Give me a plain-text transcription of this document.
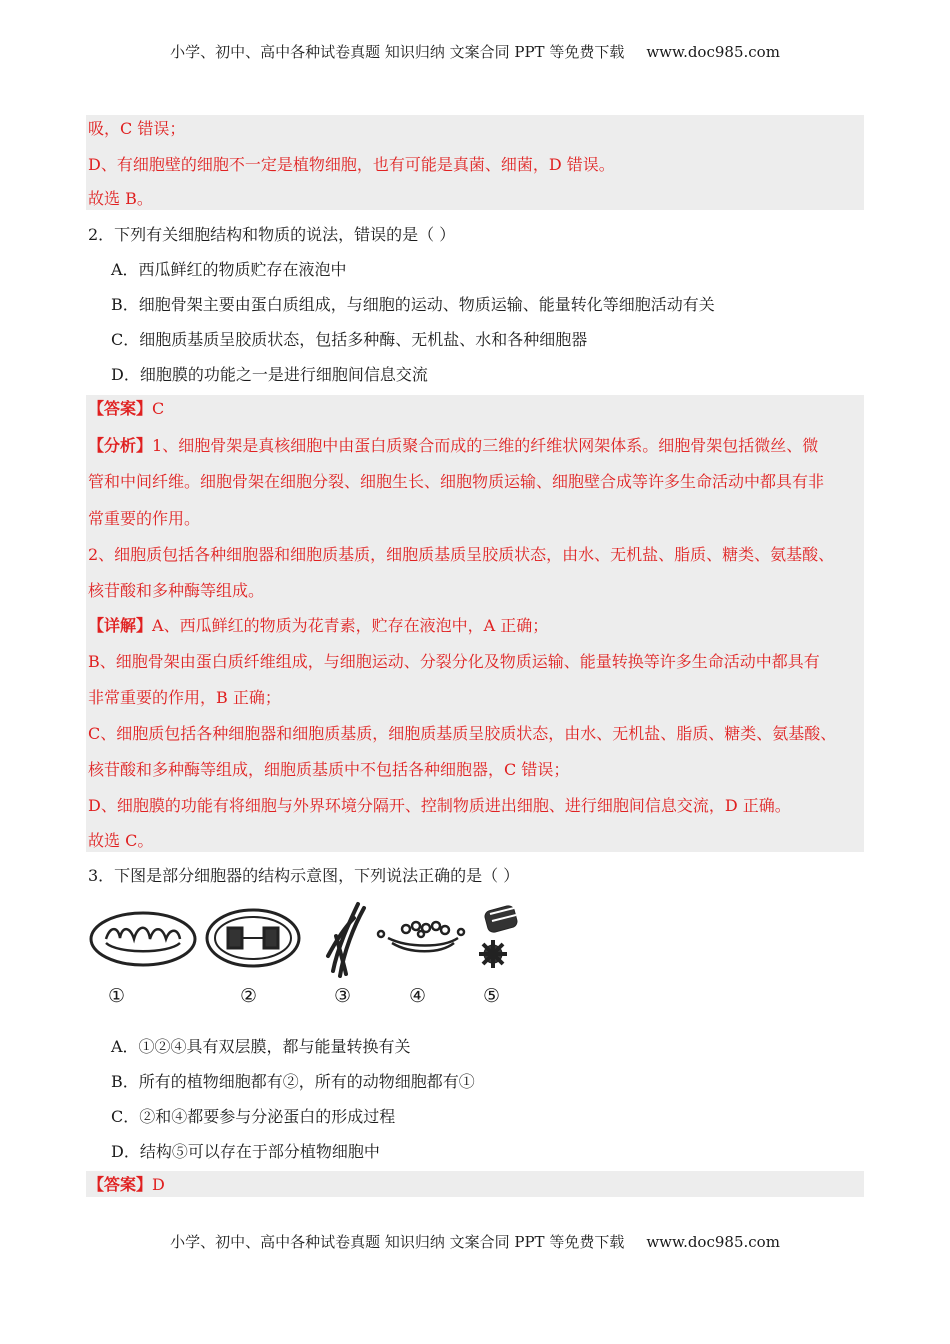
小学、初中、高中各种试卷真题 知识归纳 文案合同 PPT 等免费下载 www.doc985.com
吸，C 错误；
D、有细胞壁的细胞不一定是植物细胞，也有可能是真菌、细菌，D 错误。
故选 B。
2．下列有关细胞结构和物质的说法，错误的是（ ）
A．西瓜鲜红的物质贮存在液泡中
B．细胞骨架主要由蛋白质组成，与细胞的运动、物质运输、能量转化等细胞活动有关
C．细胞质基质呈胶质状态，包括多种酶、无机盐、水和各种细胞器
D．细胞膜的功能之一是进行细胞间信息交流
【答案】C
【分析】1、细胞骨架是真核细胞中由蛋白质聚合而成的三维的纤维状网架体系。细胞骨架包括微丝、微
管和中间纤维。细胞骨架在细胞分裂、细胞生长、细胞物质运输、细胞壁合成等许多生命活动中都具有非
常重要的作用。
2、细胞质包括各种细胞器和细胞质基质，细胞质基质呈胶质状态，由水、无机盐、脂质、糖类、氨基酸、
核苷酸和多种酶等组成。
【详解】A、西瓜鲜红的物质为花青素，贮存在液泡中，A 正确；
B、细胞骨架由蛋白质纤维组成，与细胞运动、分裂分化及物质运输、能量转换等许多生命活动中都具有
非常重要的作用，B 正确；
C、细胞质包括各种细胞器和细胞质基质，细胞质基质呈胶质状态，由水、无机盐、脂质、糖类、氨基酸、
核苷酸和多种酶等组成，细胞质基质中不包括各种细胞器，C 错误；
D、细胞膜的功能有将细胞与外界环境分隔开、控制物质进出细胞、进行细胞间信息交流，D 正确。
故选 C。
3．下图是部分细胞器的结构示意图，下列说法正确的是（ ）
①	②	③	④	⑤
A．①②④具有双层膜，都与能量转换有关
B．所有的植物细胞都有②，所有的动物细胞都有①
C．②和④都要参与分泌蛋白的形成过程
D．结构⑤可以存在于部分植物细胞中
【答案】D
小学、初中、高中各种试卷真题 知识归纳 文案合同 PPT 等免费下载 www.doc985.com
